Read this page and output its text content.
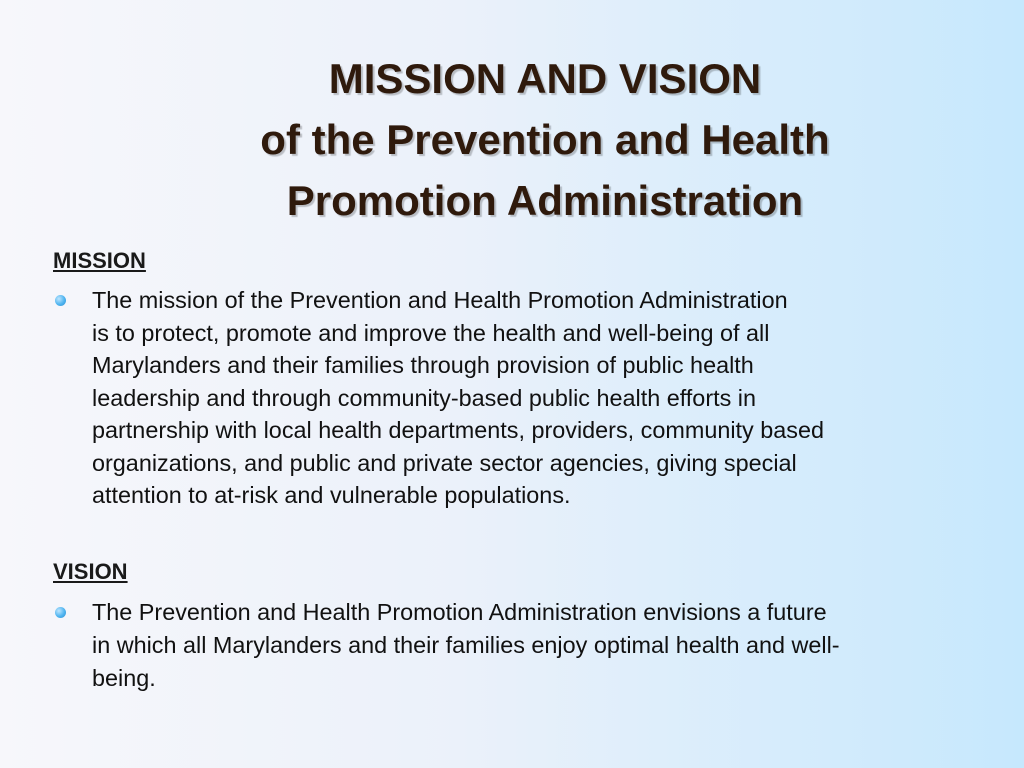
MISSION AND VISION
of the Prevention and Health
Promotion Administration
MISSION
The mission of the Prevention and Health Promotion Administration
is to protect, promote and improve the health and well-being of all
Marylanders and their families through provision of public health
leadership and through community-based public health efforts in
partnership with local health departments, providers, community based
organizations, and public and private sector agencies, giving special
attention to at-risk and vulnerable populations.
VISION
The Prevention and Health Promotion Administration envisions a future
in which all Marylanders and their families enjoy optimal health and well-
being.
